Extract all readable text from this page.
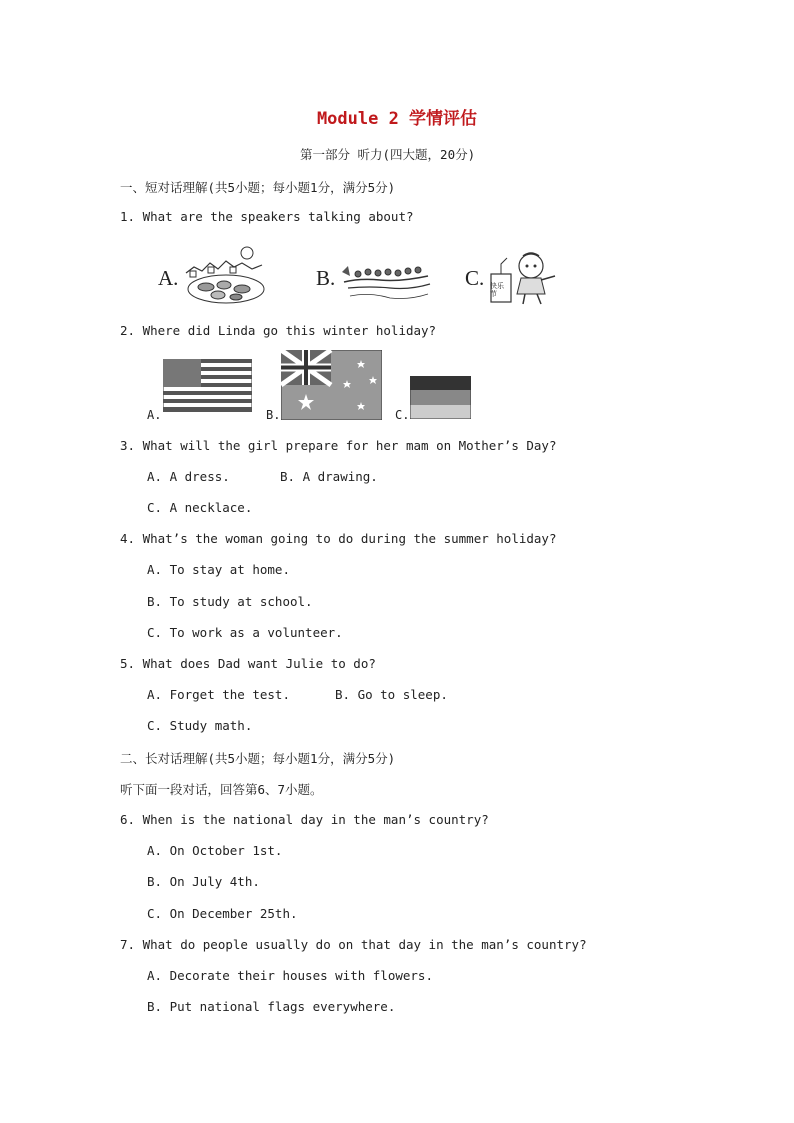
Module 2 学情评估
第一部分 听力(四大题，20分)
一、短对话理解(共5小题；每小题1分，满分5分)
1. What are the speakers talking about?
A.	B.	C. 快乐节
2. Where did Linda go this winter holiday?
A.	B.	C.
3. What will the girl prepare for her mam on Mother’s Day?
A. A dress.	B. A drawing.
C. A necklace.
4. What’s the woman going to do during the summer holiday?
A. To stay at home.
B. To study at school.
C. To work as a volunteer.
5. What does Dad want Julie to do?
A. Forget the test.	B. Go to sleep.
C. Study math.
二、长对话理解(共5小题；每小题1分，满分5分)
听下面一段对话，回答第6、7小题。
6. When is the national day in the man’s country?
A. On October 1st.
B. On July 4th.
C. On December 25th.
7. What do people usually do on that day in the man’s country?
A. Decorate their houses with flowers.
B. Put national flags everywhere.
